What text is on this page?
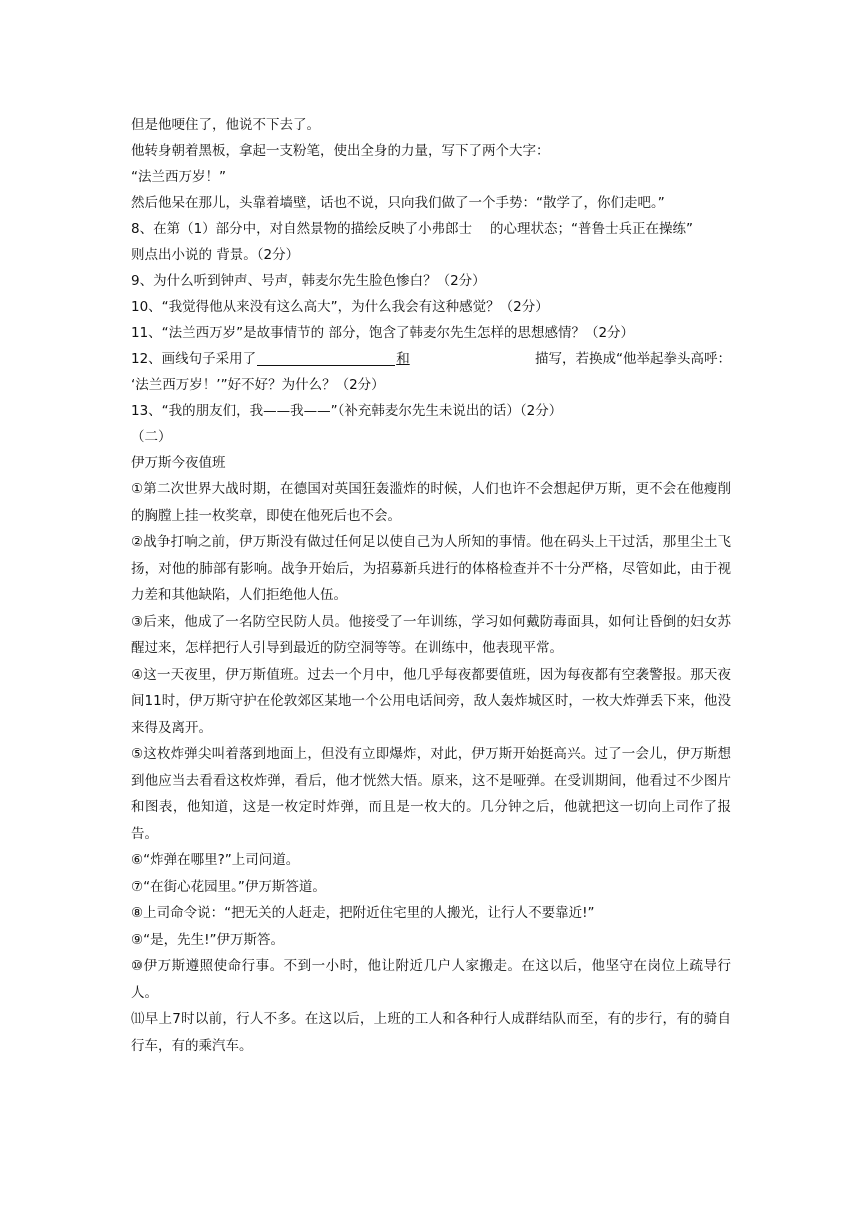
但是他哽住了，他说不下去了。
他转身朝着黑板，拿起一支粉笔，使出全身的力量，写下了两个大字：
“法兰西万岁！”
然后他呆在那儿，头靠着墙壁，话也不说，只向我们做了一个手势：“散学了，你们走吧。”
8、在第（1）部分中，对自然景物的描绘反映了小弗郎士　 的心理状态；“普鲁士兵正在操练”
则点出小说的 背景。（2分）
9、为什么听到钟声、号声，韩麦尔先生脸色惨白？（2分）
10、“我觉得他从来没有这么高大”，为什么我会有这种感觉？（2分）
11、“法兰西万岁”是故事情节的 部分，饱含了韩麦尔先生怎样的思想感情？（2分）
12、画线句子采用了	和	描写，若换成“他举起拳头高呼：
‘法兰西万岁！’”好不好？为什么？（2分）
13、“我的朋友们，我——我——”（补充韩麦尔先生未说出的话）（2分）
（二）
伊万斯今夜值班
①第二次世界大战时期，在德国对英国狂轰滥炸的时候，人们也许不会想起伊万斯，更不会在他瘦削的胸膛上挂一枚奖章，即使在他死后也不会。
②战争打响之前，伊万斯没有做过任何足以使自己为人所知的事情。他在码头上干过活，那里尘土飞扬，对他的肺部有影响。战争开始后，为招募新兵进行的体格检查并不十分严格，尽管如此，由于视力差和其他缺陷，人们拒绝他人伍。
③后来，他成了一名防空民防人员。他接受了一年训练，学习如何戴防毒面具，如何让昏倒的妇女苏醒过来，怎样把行人引导到最近的防空洞等等。在训练中，他表现平常。
④这一天夜里，伊万斯值班。过去一个月中，他几乎每夜都要值班，因为每夜都有空袭警报。那天夜间11时，伊万斯守护在伦敦郊区某地一个公用电话间旁，敌人轰炸城区时，一枚大炸弹丢下来，他没来得及离开。
⑤这枚炸弹尖叫着落到地面上，但没有立即爆炸，对此，伊万斯开始挺高兴。过了一会儿，伊万斯想到他应当去看看这枚炸弹，看后，他才恍然大悟。原来，这不是哑弹。在受训期间，他看过不少图片和图表，他知道，这是一枚定时炸弹，而且是一枚大的。几分钟之后，他就把这一切向上司作了报告。
⑥“炸弹在哪里?”上司问道。
⑦“在街心花园里。”伊万斯答道。
⑧上司命令说：“把无关的人赶走，把附近住宅里的人搬光，让行人不要靠近!”
⑨“是，先生!”伊万斯答。
⑩伊万斯遵照使命行事。不到一小时，他让附近几户人家搬走。在这以后，他坚守在岗位上疏导行人。
⑾早上7时以前，行人不多。在这以后，上班的工人和各种行人成群结队而至，有的步行，有的骑自行车，有的乘汽车。
